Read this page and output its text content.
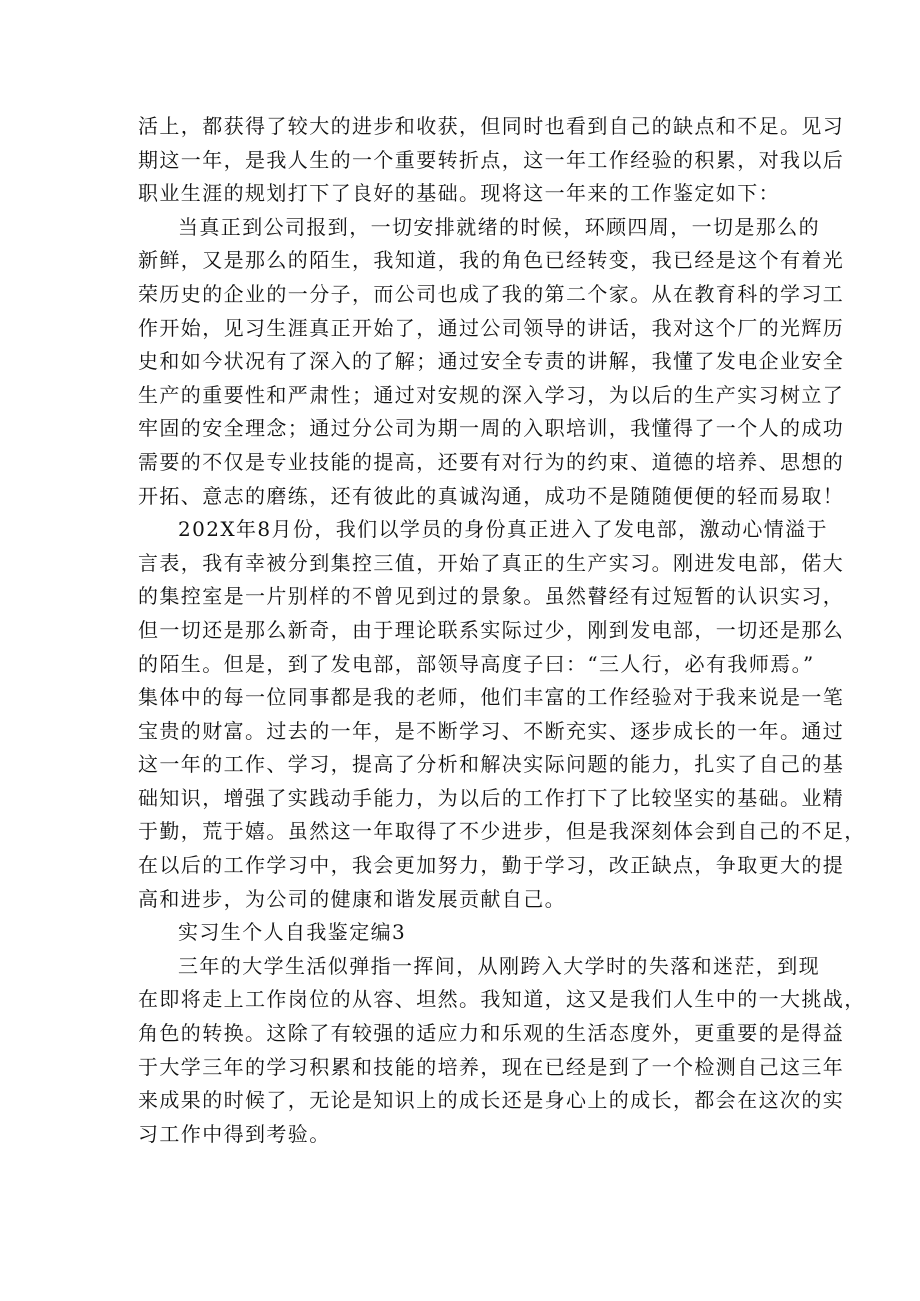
活上，都获得了较大的进步和收获，但同时也看到自己的缺点和不足。见习
期这一年，是我人生的一个重要转折点，这一年工作经验的积累，对我以后
职业生涯的规划打下了良好的基础。现将这一年来的工作鉴定如下：
当真正到公司报到，一切安排就绪的时候，环顾四周，一切是那么的
新鲜，又是那么的陌生，我知道，我的角色已经转变，我已经是这个有着光
荣历史的企业的一分子，而公司也成了我的第二个家。从在教育科的学习工
作开始，见习生涯真正开始了，通过公司领导的讲话，我对这个厂的光辉历
史和如今状况有了深入的了解；通过安全专责的讲解，我懂了发电企业安全
生产的重要性和严肃性；通过对安规的深入学习，为以后的生产实习树立了
牢固的安全理念；通过分公司为期一周的入职培训，我懂得了一个人的成功
需要的不仅是专业技能的提高，还要有对行为的约束、道德的培养、思想的
开拓、意志的磨练，还有彼此的真诚沟通，成功不是随随便便的轻而易取！
202X年8月份，我们以学员的身份真正进入了发电部，激动心情溢于
言表，我有幸被分到集控三值，开始了真正的生产实习。刚进发电部，偌大
的集控室是一片别样的不曾见到过的景象。虽然瞽经有过短暂的认识实习，
但一切还是那么新奇，由于理论联系实际过少，刚到发电部，一切还是那么
的陌生。但是，到了发电部，部领导高度子曰：“三人行，必有我师焉。”
集体中的每一位同事都是我的老师，他们丰富的工作经验对于我来说是一笔
宝贵的财富。过去的一年，是不断学习、不断充实、逐步成长的一年。通过
这一年的工作、学习，提高了分析和解决实际问题的能力，扎实了自己的基
础知识，增强了实践动手能力，为以后的工作打下了比较坚实的基础。业精
于勤，荒于嬉。虽然这一年取得了不少进步，但是我深刻体会到自己的不足，
在以后的工作学习中，我会更加努力，勤于学习，改正缺点，争取更大的提
高和进步，为公司的健康和谐发展贡献自己。
实习生个人自我鉴定编3
三年的大学生活似弹指一挥间，从刚跨入大学时的失落和迷茫，到现
在即将走上工作岗位的从容、坦然。我知道，这又是我们人生中的一大挑战，
角色的转换。这除了有较强的适应力和乐观的生活态度外，更重要的是得益
于大学三年的学习积累和技能的培养，现在已经是到了一个检测自己这三年
来成果的时候了，无论是知识上的成长还是身心上的成长，都会在这次的实
习工作中得到考验。
